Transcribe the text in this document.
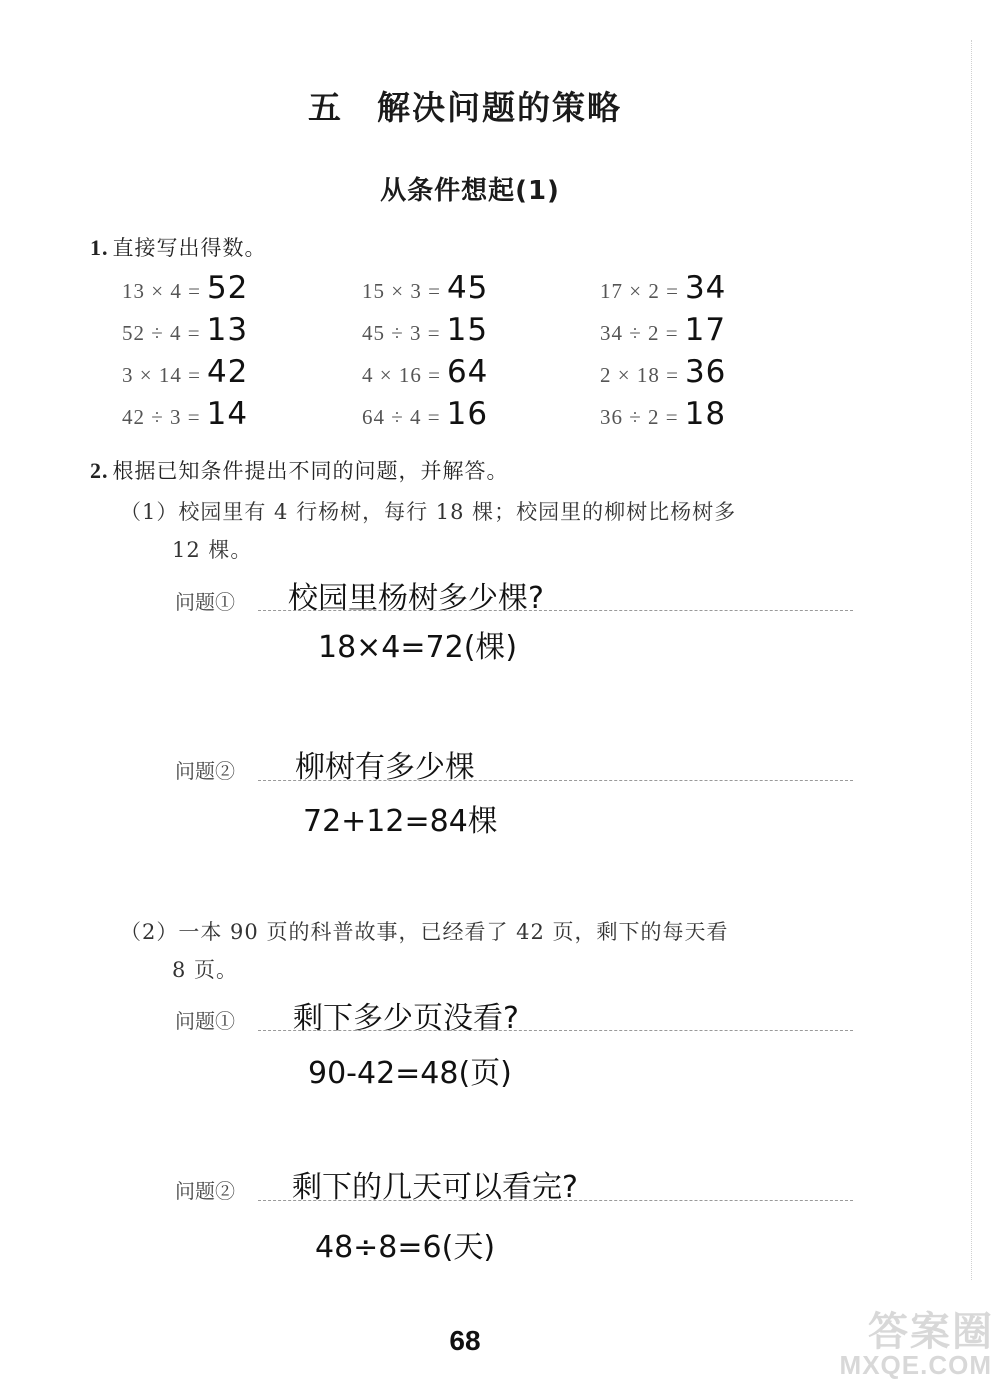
五 解决问题的策略
从条件想起(1)
1. 直接写出得数。
13 × 4 = 52	15 × 3 = 45	17 × 2 = 34
52 ÷ 4 = 13	45 ÷ 3 = 15	34 ÷ 2 = 17
3 × 14 = 42	4 × 16 = 64	2 × 18 = 36
42 ÷ 3 = 14	64 ÷ 4 = 16	36 ÷ 2 = 18
2. 根据已知条件提出不同的问题，并解答。
（1）校园里有 4 行杨树，每行 18 棵；校园里的柳树比杨树多
12 棵。
问题① 校园里杨树多少棵?
18×4=72(棵)
问题② 柳树有多少棵
72+12=84棵
（2）一本 90 页的科普故事，已经看了 42 页，剩下的每天看
8 页。
问题① 剩下多少页没看?
90-42=48(页)
问题② 剩下的几天可以看完?
48÷8=6(天)
68	答案圈
MXQE.COM
